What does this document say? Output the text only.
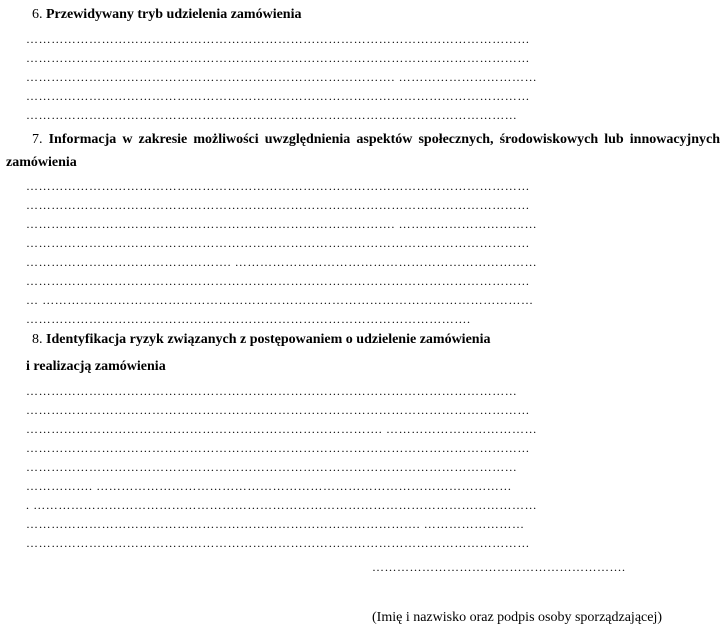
6. Przewidywany tryb udzielenia zamówienia
…………………………………………………………………………………………………………
…………………………………………………………………………………………………………
……………………………………………………………………………. ……………………………
…………………………………………………………………………………………………………
………………………………………………………………………………………………………
7. Informacja w zakresie możliwości uwzględnienia aspektów społecznych, środowiskowych lub innowacyjnych zamówienia
…………………………………………………………………………………………………………
…………………………………………………………………………………………………………
……………………………………………………………………………. ……………………………
…………………………………………………………………………………………………………
…………………………………………. ………………………………………………………………
…………………………………………………………………………………………………………
… ………………………………………………………………………………………………………
…………………………………………………………………………………………….
8. Identyfikacja ryzyk związanych z postępowaniem o udzielenie zamówienia
i realizacją zamówienia
………………………………………………………………………………………………………
…………………………………………………………………………………………………………
…………………………………………………………………………. ………………………………
…………………………………………………………………………………………………………
………………………………………………………………………………………………………
……………. ………………………………………………………………………………………
. …………………………………………………………………………………………………………
…………………………………………………………………………………. ……………………
…………………………………………………………………………………………………………
…………………………………………………….
(Imię i nazwisko oraz podpis osoby sporządzającej)
